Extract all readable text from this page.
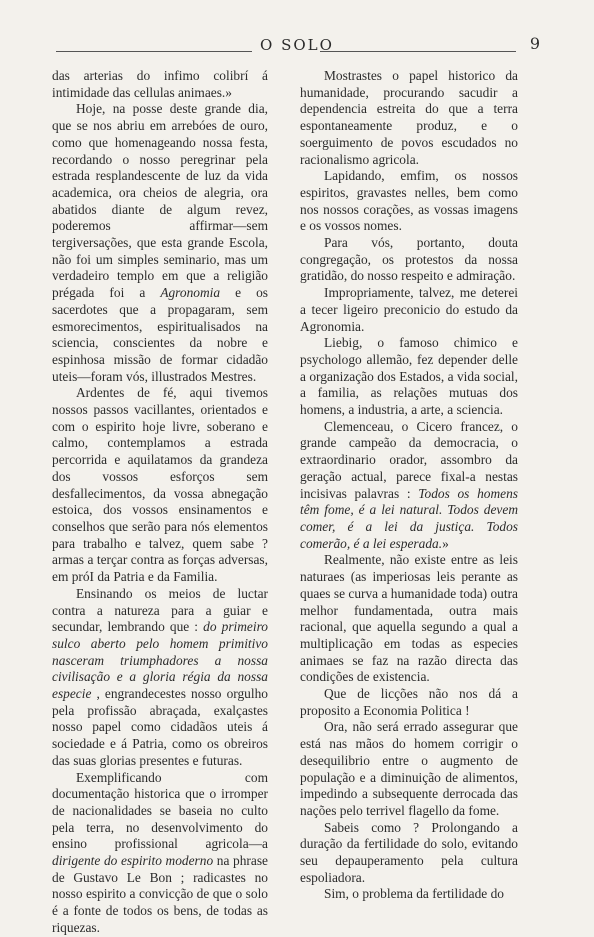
O SOLO	9

das arterias do infimo colibrí á intimidade das cellulas animaes.»

Hoje, na posse deste grande dia, que se nos abriu em arrebóes de ouro, como que homenageando nossa festa, recordando o nosso peregrinar pela estrada resplandescente de luz da vida academica, ora cheios de alegria, ora abatidos diante de algum revez, poderemos affirmar—sem tergiversações, que esta grande Escola, não foi um simples seminario, mas um verdadeiro templo em que a religião prégada foi a Agronomia e os sacerdotes que a propagaram, sem esmorecimentos, espiritualisados na sciencia, conscientes da nobre e espinhosa missão de formar cidadão uteis—foram vós, illustrados Mestres.

Ardentes de fé, aqui tivemos nossos passos vacillantes, orientados e com o espirito hoje livre, soberano e calmo, contemplamos a estrada percorrida e aquilatamos da grandeza dos vossos esforços sem desfallecimentos, da vossa abnegação estoica, dos vossos ensinamentos e conselhos que serão para nós elementos para trabalho e talvez, quem sabe ? armas a terçar contra as forças adversas, em próI da Patria e da Familia.

Ensinando os meios de luctar contra a natureza para a guiar e secundar, lembrando que : do primeiro sulco aberto pelo homem primitivo nasceram triumphadores a nossa civilisação e a gloria régia da nossa especie , engrandecestes nosso orgulho pela profissão abraçada, exalçastes nosso papel como cidadãos uteis á sociedade e á Patria, como os obreiros das suas glorias presentes e futuras.

Exemplificando com documentação historica que o irromper de nacionalidades se baseia no culto pela terra, no desenvolvimento do ensino profissional agricola—a dirigente do espirito moderno na phrase de Gustavo Le Bon ; radicastes no nosso espirito a convicção de que o solo é a fonte de todos os bens, de todas as riquezas.

Mostrastes o papel historico da humanidade, procurando sacudir a dependencia estreita do que a terra espontaneamente produz, e o soerguimento de povos escudados no racionalismo agricola.

Lapidando, emfim, os nossos espiritos, gravastes nelles, bem como nos nossos corações, as vossas imagens e os vossos nomes.

Para vós, portanto, douta congregação, os protestos da nossa gratidão, do nosso respeito e admiração.

Impropriamente, talvez, me deterei a tecer ligeiro preconicio do estudo da Agronomia.

Liebig, o famoso chimico e psychologo allemão, fez depender delle a organização dos Estados, a vida social, a familia, as relações mutuas dos homens, a industria, a arte, a sciencia.

Clemenceau, o Cicero francez, o grande campeão da democracia, o extraordinario orador, assombro da geração actual, parece fixal-a nestas incisivas palavras : Todos os homens têm fome, é a lei natural. Todos devem comer, é a lei da justiça. Todos comerão, é a lei esperada.»

Realmente, não existe entre as leis naturaes (as imperiosas leis perante as quaes se curva a humanidade toda) outra melhor fundamentada, outra mais racional, que aquella segundo a qual a multiplicação em todas as especies animaes se faz na razão directa das condições de existencia.

Que de licções não nos dá a proposito a Economia Politica !

Ora, não será errado assegurar que está nas mãos do homem corrigir o desequilibrio entre o augmento de população e a diminuição de alimentos, impedindo a subsequente derrocada das nações pelo terrivel flagello da fome.

Sabeis como ? Prolongando a duração da fertilidade do solo, evitando seu depauperamento pela cultura espoliadora.

Sim, o problema da fertilidade do
